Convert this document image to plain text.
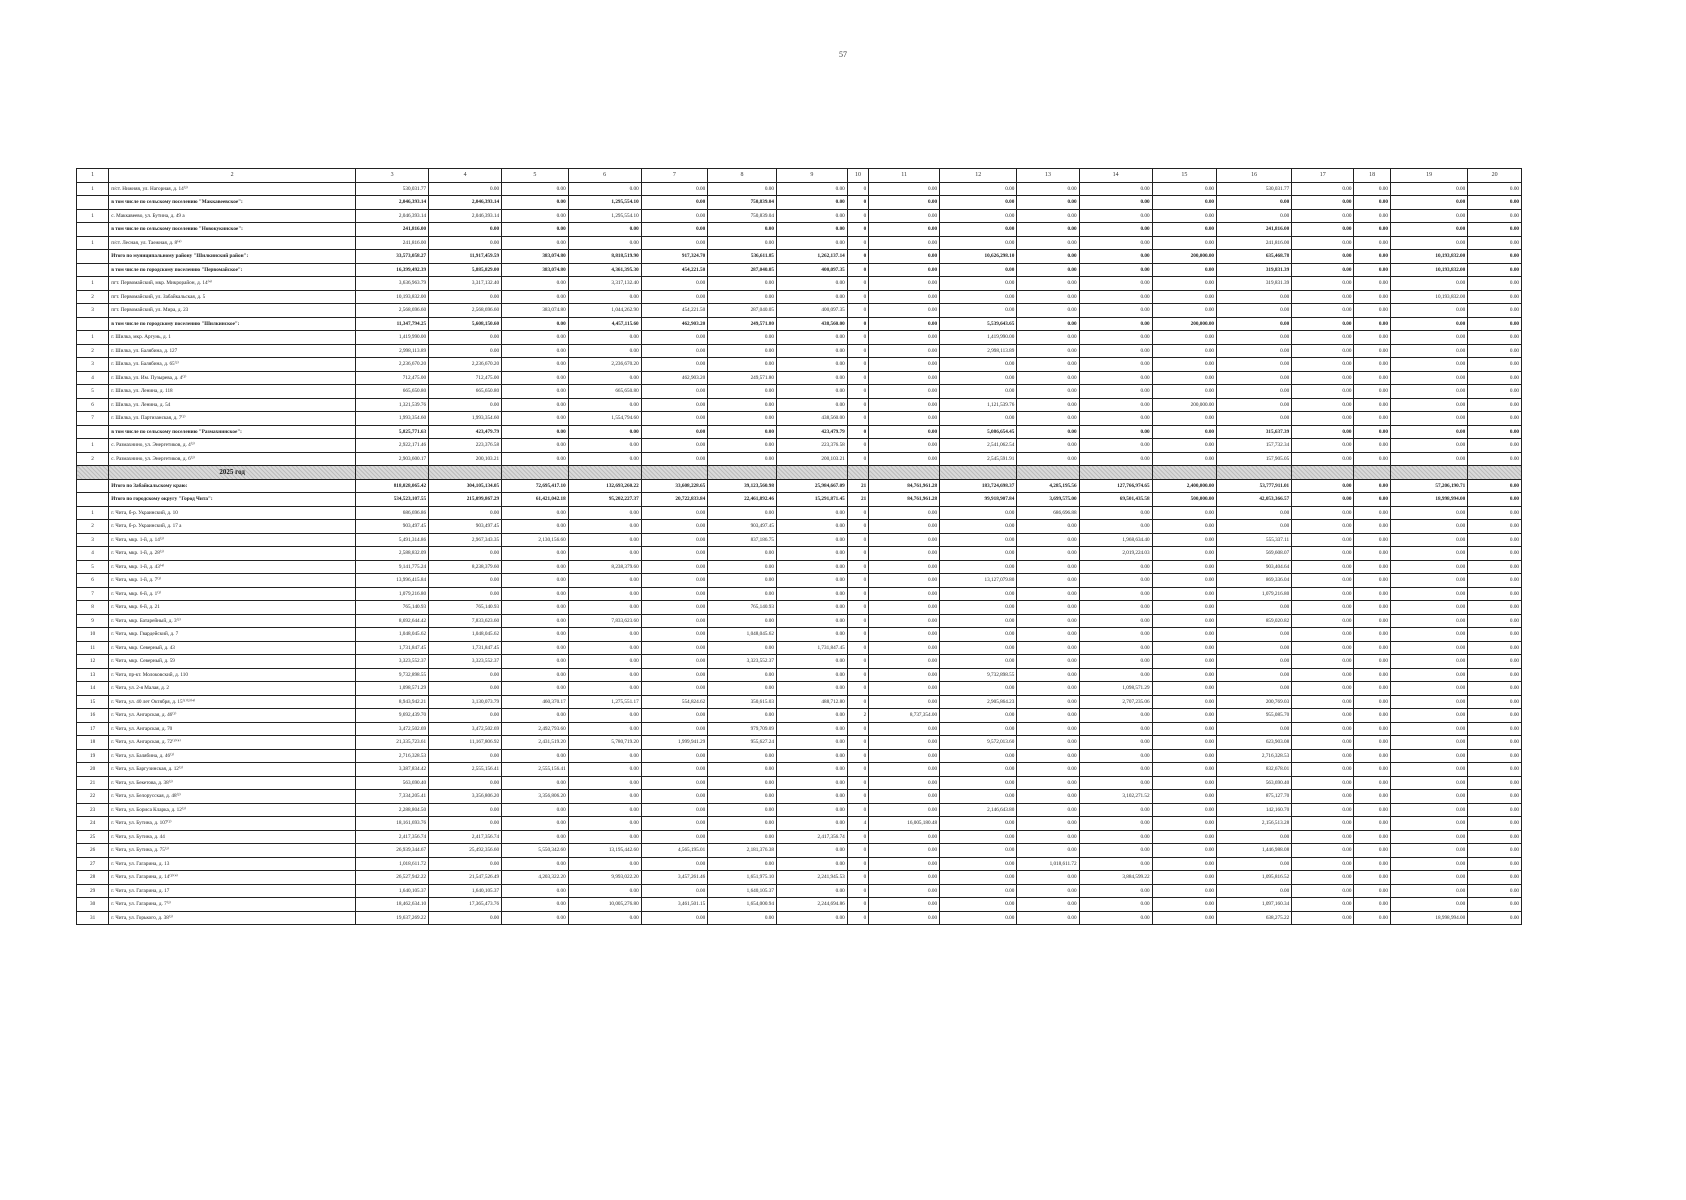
57
1	2	3	4	5	6	7	8	9	10	11	12	13	14	15	16	17	18	19	20
1	п/ст. Нижняя, ул. Нагорная, д. 14⁽²⁾	530,031.77	0.00	0.00	0.00	0.00	0.00	0.00	0	0.00	0.00	0.00	0.00	0.00	530,031.77	0.00	0.00	0.00	0.00
	в том числе по сельскому поселению "Маккавеевское":	2,046,393.14	2,046,393.14	0.00	1,295,554.10	0.00	750,839.04	0.00	0	0.00	0.00	0.00	0.00	0.00	0.00	0.00	0.00	0.00	0.00
1	с. Маккавеево, ул. Бутина, д. 49 а	2,046,393.14	2,046,393.14	0.00	1,295,554.10	0.00	750,839.04	0.00	0	0.00	0.00	0.00	0.00	0.00	0.00	0.00	0.00	0.00	0.00
	в том числе по сельскому поселению "Новокукинское":	241,816.00	0.00	0.00	0.00	0.00	0.00	0.00	0	0.00	0.00	0.00	0.00	0.00	241,816.00	0.00	0.00	0.00	0.00
1	п/ст. Лесная, ул. Таежная, д. 8⁽⁴⁾	241,816.00	0.00	0.00	0.00	0.00	0.00	0.00	0	0.00	0.00	0.00	0.00	0.00	241,816.00	0.00	0.00	0.00	0.00
	Итого по муниципальному району "Шилкинский район":	33,573,058.27	11,917,459.59	383,074.80	8,818,519.90	917,324.70	536,611.85	1,262,137.14	0	0.00	10,626,298.10	0.00	0.00	200,000.00	635,468.78	0.00	0.00	10,193,832.00	0.00
	в том числе по городскому поселению "Первомайское":	16,399,492.39	5,885,829.00	383,074.80	4,361,395.30	454,221.50	287,040.05	400,097.35	0	0.00	0.00	0.00	0.00	0.00	319,831.39	0.00	0.00	10,193,832.00	0.00
1	пгт. Первомайский, мкр. Микрорайон, д. 14⁽⁴⁾	3,636,963.79	3,317,132.40	0.00	3,317,132.40	0.00	0.00	0.00	0	0.00	0.00	0.00	0.00	0.00	319,831.39	0.00	0.00	0.00	0.00
2	пгт. Первомайский, ул. Забайкальская, д. 5	10,193,832.00	0.00	0.00	0.00	0.00	0.00	0.00	0	0.00	0.00	0.00	0.00	0.00	0.00	0.00	0.00	10,193,832.00	0.00
3	пгт. Первомайский, ул. Мира, д. 23	2,568,696.60	2,568,696.60	383,074.80	1,044,262.90	454,221.50	287,040.05	400,097.35	0	0.00	0.00	0.00	0.00	0.00	0.00	0.00	0.00	0.00	0.00
	в том числе по городскому поселению "Шилкинское":	11,347,794.25	5,608,150.60	0.00	4,457,115.60	462,903.20	249,571.80	438,560.00	0	0.00	5,539,643.65	0.00	0.00	200,000.00	0.00	0.00	0.00	0.00	0.00
1	г. Шилка, мкр. Аргунь, д. 1	1,419,990.00	0.00	0.00	0.00	0.00	0.00	0.00	0	0.00	1,419,990.00	0.00	0.00	0.00	0.00	0.00	0.00	0.00	0.00
2	г. Шилка, ул. Балябина, д. 127	2,998,113.89	0.00	0.00	0.00	0.00	0.00	0.00	0	0.00	2,998,113.89	0.00	0.00	0.00	0.00	0.00	0.00	0.00	0.00
3	г. Шилка, ул. Балябина, д. 65⁽²⁾	2,236,670.20	2,236,670.20	0.00	2,236,670.20	0.00	0.00	0.00	0	0.00	0.00	0.00	0.00	0.00	0.00	0.00	0.00	0.00	0.00
4	г. Шилка, ул. Им. Пузырева, д. 4⁽²⁾	712,475.00	712,475.00	0.00	0.00	462,903.20	249,571.80	0.00	0	0.00	0.00	0.00	0.00	0.00	0.00	0.00	0.00	0.00	0.00
5	г. Шилка, ул. Ленина, д. 118	665,650.80	665,650.80	0.00	665,650.80	0.00	0.00	0.00	0	0.00	0.00	0.00	0.00	0.00	0.00	0.00	0.00	0.00	0.00
6	г. Шилка, ул. Ленина, д. 54	1,321,539.76	0.00	0.00	0.00	0.00	0.00	0.00	0	0.00	1,121,539.76	0.00	0.00	200,000.00	0.00	0.00	0.00	0.00	0.00
7	г. Шилка, ул. Партизанская, д. 7⁽²⁾	1,993,354.60	1,993,354.60	0.00	1,554,794.60	0.00	0.00	438,560.00	0	0.00	0.00	0.00	0.00	0.00	0.00	0.00	0.00	0.00	0.00
	в том числе по сельскому поселению "Размахнинское":	5,825,771.63	423,479.79	0.00	0.00	0.00	0.00	423,479.79	0	0.00	5,086,654.45	0.00	0.00	0.00	315,637.39	0.00	0.00	0.00	0.00
1	с. Размахнино, ул. Энергетиков, д. 4⁽²⁾	2,922,171.46	223,376.58	0.00	0.00	0.00	0.00	223,376.58	0	0.00	2,541,062.54	0.00	0.00	0.00	157,732.34	0.00	0.00	0.00	0.00
2	с. Размахнино, ул. Энергетиков, д. 6⁽²⁾	2,903,600.17	200,103.21	0.00	0.00	0.00	0.00	200,103.21	0	0.00	2,545,591.91	0.00	0.00	0.00	157,905.05	0.00	0.00	0.00	0.00
	2025 год																		
	Итого по Забайкальскому краю:	818,028,065.42	304,105,134.05	72,695,417.10	132,693,260.22	33,608,228.65	39,123,560.98	25,984,667.09	21	84,761,961.28	183,724,698.37	4,285,195.56	127,766,974.65	2,400,000.00	53,777,911.01	0.00	0.00	57,206,190.71	0.00
	Итого по городскому округу "Город Чита":	534,523,107.55	215,099,867.29	61,421,042.18	95,202,227.37	20,722,833.84	22,461,892.46	15,291,871.45	21	84,761,961.28	99,918,907.84	3,699,575.00	69,501,435.58	500,000.00	42,053,366.57	0.00	0.00	18,998,994.00	0.00
1	г. Чита, б-р. Украинский, д. 10	686,696.86	0.00	0.00	0.00	0.00	0.00	0.00	0	0.00	0.00	686,696.88	0.00	0.00	0.00	0.00	0.00	0.00	0.00
2	г. Чита, б-р. Украинский, д. 17 а	903,497.45	903,497.45	0.00	0.00	0.00	903,497.45	0.00	0	0.00	0.00	0.00	0.00	0.00	0.00	0.00	0.00	0.00	0.00
3	г. Чита, мкр. 1-й, д. 14⁽²⁾	5,491,314.86	2,967,343.35	2,130,156.60	0.00	0.00	837,186.75	0.00	0	0.00	0.00	0.00	1,968,634.40	0.00	555,337.11	0.00	0.00	0.00	0.00
4	г. Чита, мкр. 1-й, д. 28⁽²⁾	2,588,832.09	0.00	0.00	0.00	0.00	0.00	0.00	0	0.00	0.00	0.00	2,019,224.03	0.00	569,608.07	0.00	0.00	0.00	0.00
5	г. Чита, мкр. 1-й, д. 43⁽⁴⁾	9,141,775.24	8,238,379.60	0.00	8,238,379.60	0.00	0.00	0.00	0	0.00	0.00	0.00	0.00	0.00	903,404.64	0.00	0.00	0.00	0.00
6	г. Чита, мкр. 1-й, д. 7⁽²⁾	13,996,415.84	0.00	0.00	0.00	0.00	0.00	0.00	0	0.00	13,127,079.80	0.00	0.00	0.00	869,336.04	0.00	0.00	0.00	0.00
7	г. Чита, мкр. 6-й, д. 1⁽²⁾	1,079,216.80	0.00	0.00	0.00	0.00	0.00	0.00	0	0.00	0.00	0.00	0.00	0.00	1,079,216.80	0.00	0.00	0.00	0.00
8	г. Чита, мкр. 6-й, д. 21	765,140.93	765,140.93	0.00	0.00	0.00	765,140.93	0.00	0	0.00	0.00	0.00	0.00	0.00	0.00	0.00	0.00	0.00	0.00
9	г. Чита, мкр. Батарейный, д. 3⁽²⁾	8,692,644.42	7,833,623.60	0.00	7,833,623.60	0.00	0.00	0.00	0	0.00	0.00	0.00	0.00	0.00	859,020.82	0.00	0.00	0.00	0.00
10	г. Чита, мкр. Гвардейский, д. 7	1,048,045.62	1,048,045.62	0.00	0.00	0.00	1,048,045.62	0.00	0	0.00	0.00	0.00	0.00	0.00	0.00	0.00	0.00	0.00	0.00
11	г. Чита, мкр. Северный, д. 43	1,731,847.45	1,731,847.45	0.00	0.00	0.00	0.00	1,731,847.45	0	0.00	0.00	0.00	0.00	0.00	0.00	0.00	0.00	0.00	0.00
12	г. Чита, мкр. Северный, д. 59	3,323,552.37	3,323,552.37	0.00	0.00	0.00	3,323,552.37	0.00	0	0.00	0.00	0.00	0.00	0.00	0.00	0.00	0.00	0.00	0.00
13	г. Чита, пр-кт. Молоковский, д. 110	9,732,898.55	0.00	0.00	0.00	0.00	0.00	0.00	0	0.00	9,732,898.55	0.00	0.00	0.00	0.00	0.00	0.00	0.00	0.00
14	г. Чита, ул. 2-я Малая, д. 2	1,098,571.29	0.00	0.00	0.00	0.00	0.00	0.00	0	0.00	0.00	0.00	1,098,571.29	0.00	0.00	0.00	0.00	0.00	0.00
15	г. Чита, ул. 40 лет Октября, д. 15⁽¹⁾⁽²⁾⁽⁴⁾	8,943,942.21	3,130,073.79	460,370.17	1,275,551.17	554,824.62	350,615.03	488,712.80	0	0.00	2,905,864.23	0.00	2,707,235.06	0.00	200,769.03	0.00	0.00	0.00	0.00
16	г. Чита, ул. Ангарская, д. 46⁽²⁾	9,692,439.70	0.00	0.00	0.00	0.00	0.00	0.00	2	8,737,354.00	0.00	0.00	0.00	0.00	955,085.70	0.00	0.00	0.00	0.00
17	г. Чита, ул. Ангарская, д. 70	3,472,502.69	3,472,502.69	2,492,793.60	0.00	0.00	979,709.09	0.00	0	0.00	0.00	0.00	0.00	0.00	0.00	0.00	0.00	0.00	0.00
18	г. Чита, ул. Ангарская, д. 72⁽¹⁾⁽⁴⁾	21,335,723.61	11,167,806.92	2,431,519.20	5,780,719.20	1,999,941.29	955,627.24	0.00	0	0.00	9,572,013.60	0.00	0.00	0.00	623,903.08	0.00	0.00	0.00	0.00
19	г. Чита, ул. Балябина, д. 46⁽²⁾	2,716,328.53	0.00	0.00	0.00	0.00	0.00	0.00	0	0.00	0.00	0.00	0.00	0.00	2,716,328.53	0.00	0.00	0.00	0.00
20	г. Чита, ул. Баргузинская, д. 12⁽²⁾	3,387,834.42	2,555,156.41	2,555,156.41	0.00	0.00	0.00	0.00	0	0.00	0.00	0.00	0.00	0.00	832,678.01	0.00	0.00	0.00	0.00
21	г. Чита, ул. Бекетова, д. 38⁽²⁾	563,690.40	0.00	0.00	0.00	0.00	0.00	0.00	0	0.00	0.00	0.00	0.00	0.00	563,690.40	0.00	0.00	0.00	0.00
22	г. Чита, ул. Белорусская, д. 48⁽²⁾	7,334,205.41	3,356,806.20	3,356,806.20	0.00	0.00	0.00	0.00	0	0.00	0.00	0.00	3,102,271.52	0.00	875,127.70	0.00	0.00	0.00	0.00
23	г. Чита, ул. Бориса Кларка, д. 12⁽²⁾	2,288,804.50	0.00	0.00	0.00	0.00	0.00	0.00	0	0.00	2,146,643.80	0.00	0.00	0.00	142,160.70	0.00	0.00	0.00	0.00
24	г. Чита, ул. Бутина, д. 107⁽²⁾	18,161,693.76	0.00	0.00	0.00	0.00	0.00	0.00	4	16,005,180.48	0.00	0.00	0.00	0.00	2,156,513.28	0.00	0.00	0.00	0.00
25	г. Чита, ул. Бутина, д. 44	2,417,356.74	2,417,356.74	0.00	0.00	0.00	0.00	2,417,356.74	0	0.00	0.00	0.00	0.00	0.00	0.00	0.00	0.00	0.00	0.00
26	г. Чита, ул. Бутина, д. 75⁽²⁾	26,939,344.67	25,492,356.60	5,550,342.60	13,195,442.60	4,565,195.01	2,181,376.38	0.00	0	0.00	0.00	0.00	0.00	0.00	1,446,988.08	0.00	0.00	0.00	0.00
27	г. Чита, ул. Гагарина, д. 13	1,018,611.72	0.00	0.00	0.00	0.00	0.00	0.00	0	0.00	0.00	1,018,611.72	0.00	0.00	0.00	0.00	0.00	0.00	0.00
28	г. Чита, ул. Гагарина, д. 14⁽²⁾⁽⁴⁾	26,527,942.22	21,547,526.49	4,203,322.20	9,993,022.20	3,457,261.46	1,651,975.10	2,241,945.53	0	0.00	0.00	0.00	3,884,599.22	0.00	1,095,816.52	0.00	0.00	0.00	0.00
29	г. Чита, ул. Гагарина, д. 17	1,640,105.37	1,640,105.37	0.00	0.00	0.00	1,640,105.37	0.00	0	0.00	0.00	0.00	0.00	0.00	0.00	0.00	0.00	0.00	0.00
30	г. Чита, ул. Гагарина, д. 7⁽²⁾	18,462,634.10	17,365,473.76	0.00	10,005,276.80	3,461,501.15	1,654,000.94	2,244,694.86	0	0.00	0.00	0.00	0.00	0.00	1,097,160.34	0.00	0.00	0.00	0.00
31	г. Чита, ул. Горького, д. 38⁽²⁾	19,637,269.22	0.00	0.00	0.00	0.00	0.00	0.00	0	0.00	0.00	0.00	0.00	0.00	638,275.22	0.00	0.00	18,998,994.00	0.00
